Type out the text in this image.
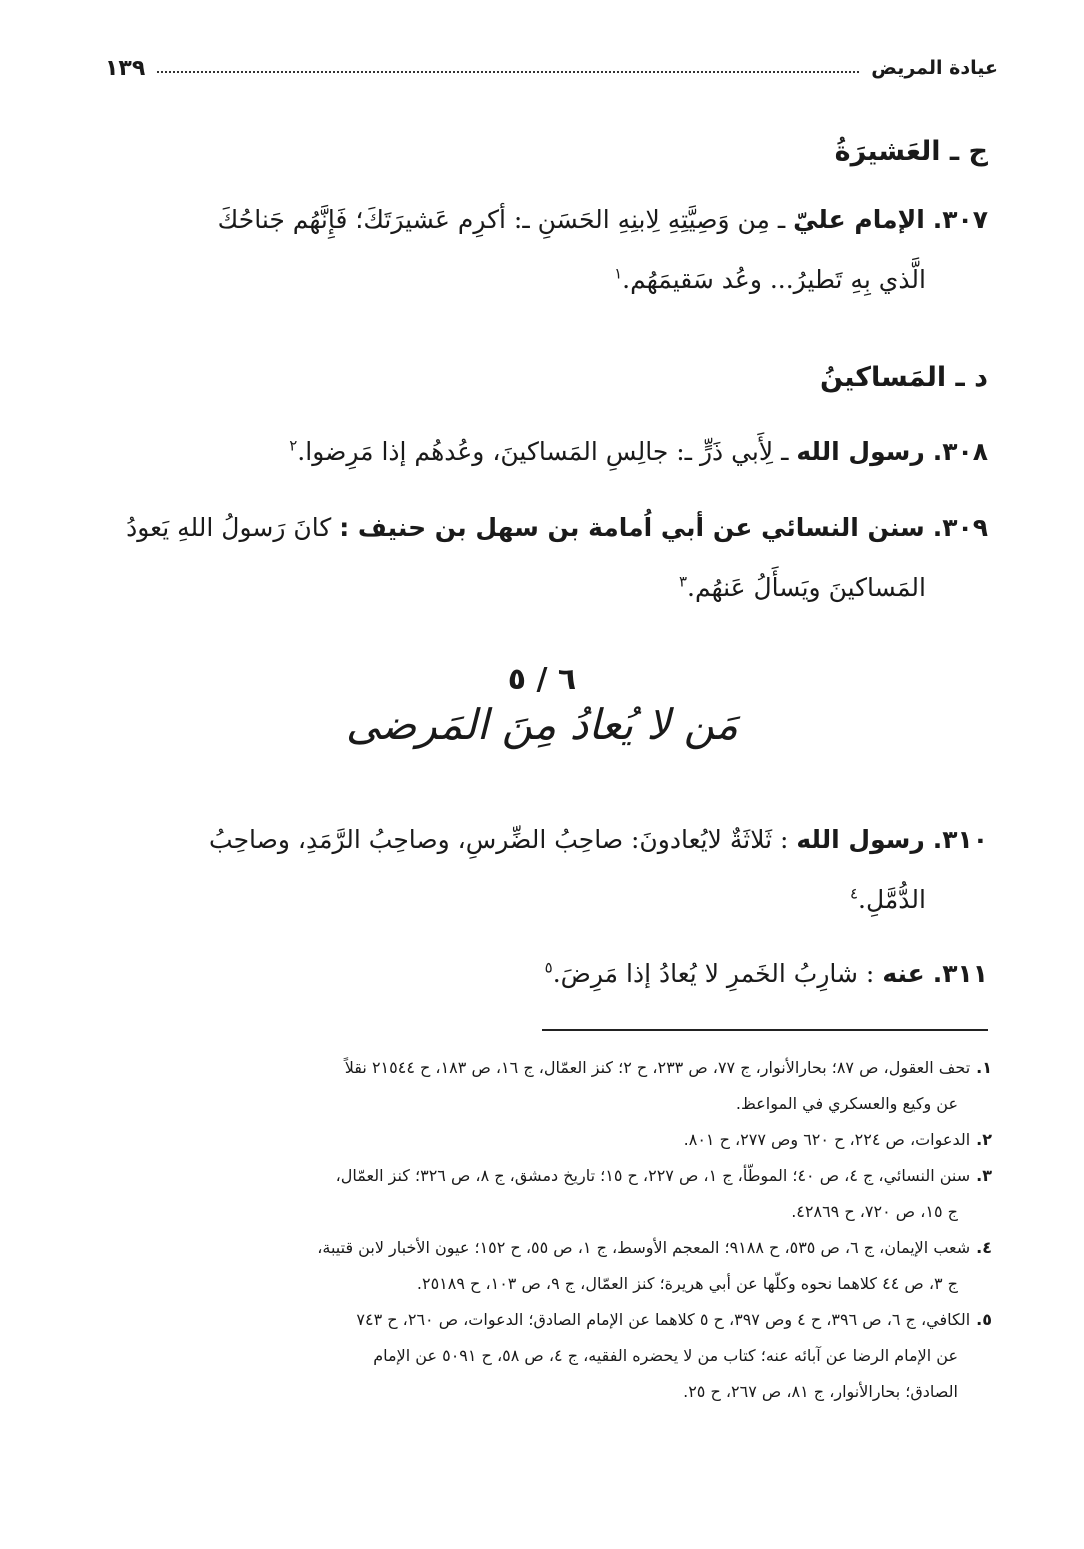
عيادة المريض
١٣٩
ج ـ العَشيرَةُ
٣٠٧. الإمام عليّ ـ مِن وَصِيَّتِهِ لِابنِهِ الحَسَنِ ـ: أكرِم عَشيرَتَكَ؛ فَإِنَّهُم جَناحُكَ
الَّذي بِهِ تَطيرُ... وعُد سَقيمَهُم.$^١$
د ـ المَساكينُ
٣٠٨. رسول الله ـ لِأَبي ذَرٍّ ـ: جالِسِ المَساكينَ، وعُدهُم إذا مَرِضوا.$^٢$
٣٠٩. سنن النسائي عن أبي اُمامة بن سهل بن حنيف : كانَ رَسولُ اللهِ يَعودُ
المَساكينَ ويَسأَلُ عَنهُم.$^٣$
٦ / ٥
مَن لا يُعادُ مِنَ المَرضى
٣١٠. رسول الله : ثَلاثَةٌ لايُعادونَ: صاحِبُ الضِّرسِ، وصاحِبُ الرَّمَدِ، وصاحِبُ
الدُّمَّلِ.$^٤$
٣١١. عنه : شارِبُ الخَمرِ لا يُعادُ إذا مَرِضَ.$^٥$
١.تحف العقول، ص ٨٧؛ بحارالأنوار، ج ٧٧، ص ٢٣٣، ح ٢؛ كنز العمّال، ج ١٦، ص ١٨٣، ح ٢١٥٤٤ نقلاً
عن وكيع والعسكري في المواعظ.
٢.الدعوات، ص ٢٢٤، ح ٦٢٠ وص ٢٧٧، ح ٨٠١.
٣.سنن النسائي، ج ٤، ص ٤٠؛ الموطّأ، ج ١، ص ٢٢٧، ح ١٥؛ تاريخ دمشق، ج ٨، ص ٣٢٦؛ كنز العمّال،
ج ١٥، ص ٧٢٠، ح ٤٢٨٦٩.
٤.شعب الإيمان، ج ٦، ص ٥٣٥، ح ٩١٨٨؛ المعجم الأوسط، ج ١، ص ٥٥، ح ١٥٢؛ عيون الأخبار لابن قتيبة،
ج ٣، ص ٤٤ كلاهما نحوه وكلّها عن أبي هريرة؛ كنز العمّال، ج ٩، ص ١٠٣، ح ٢٥١٨٩.
٥.الكافي، ج ٦، ص ٣٩٦، ح ٤ وص ٣٩٧، ح ٥ كلاهما عن الإمام الصادق؛ الدعوات، ص ٢٦٠، ح ٧٤٣
عن الإمام الرضا عن آبائه عنه؛ كتاب من لا يحضره الفقيه، ج ٤، ص ٥٨، ح ٥٠٩١ عن الإمام
الصادق؛ بحارالأنوار، ج ٨١، ص ٢٦٧، ح ٢٥.
